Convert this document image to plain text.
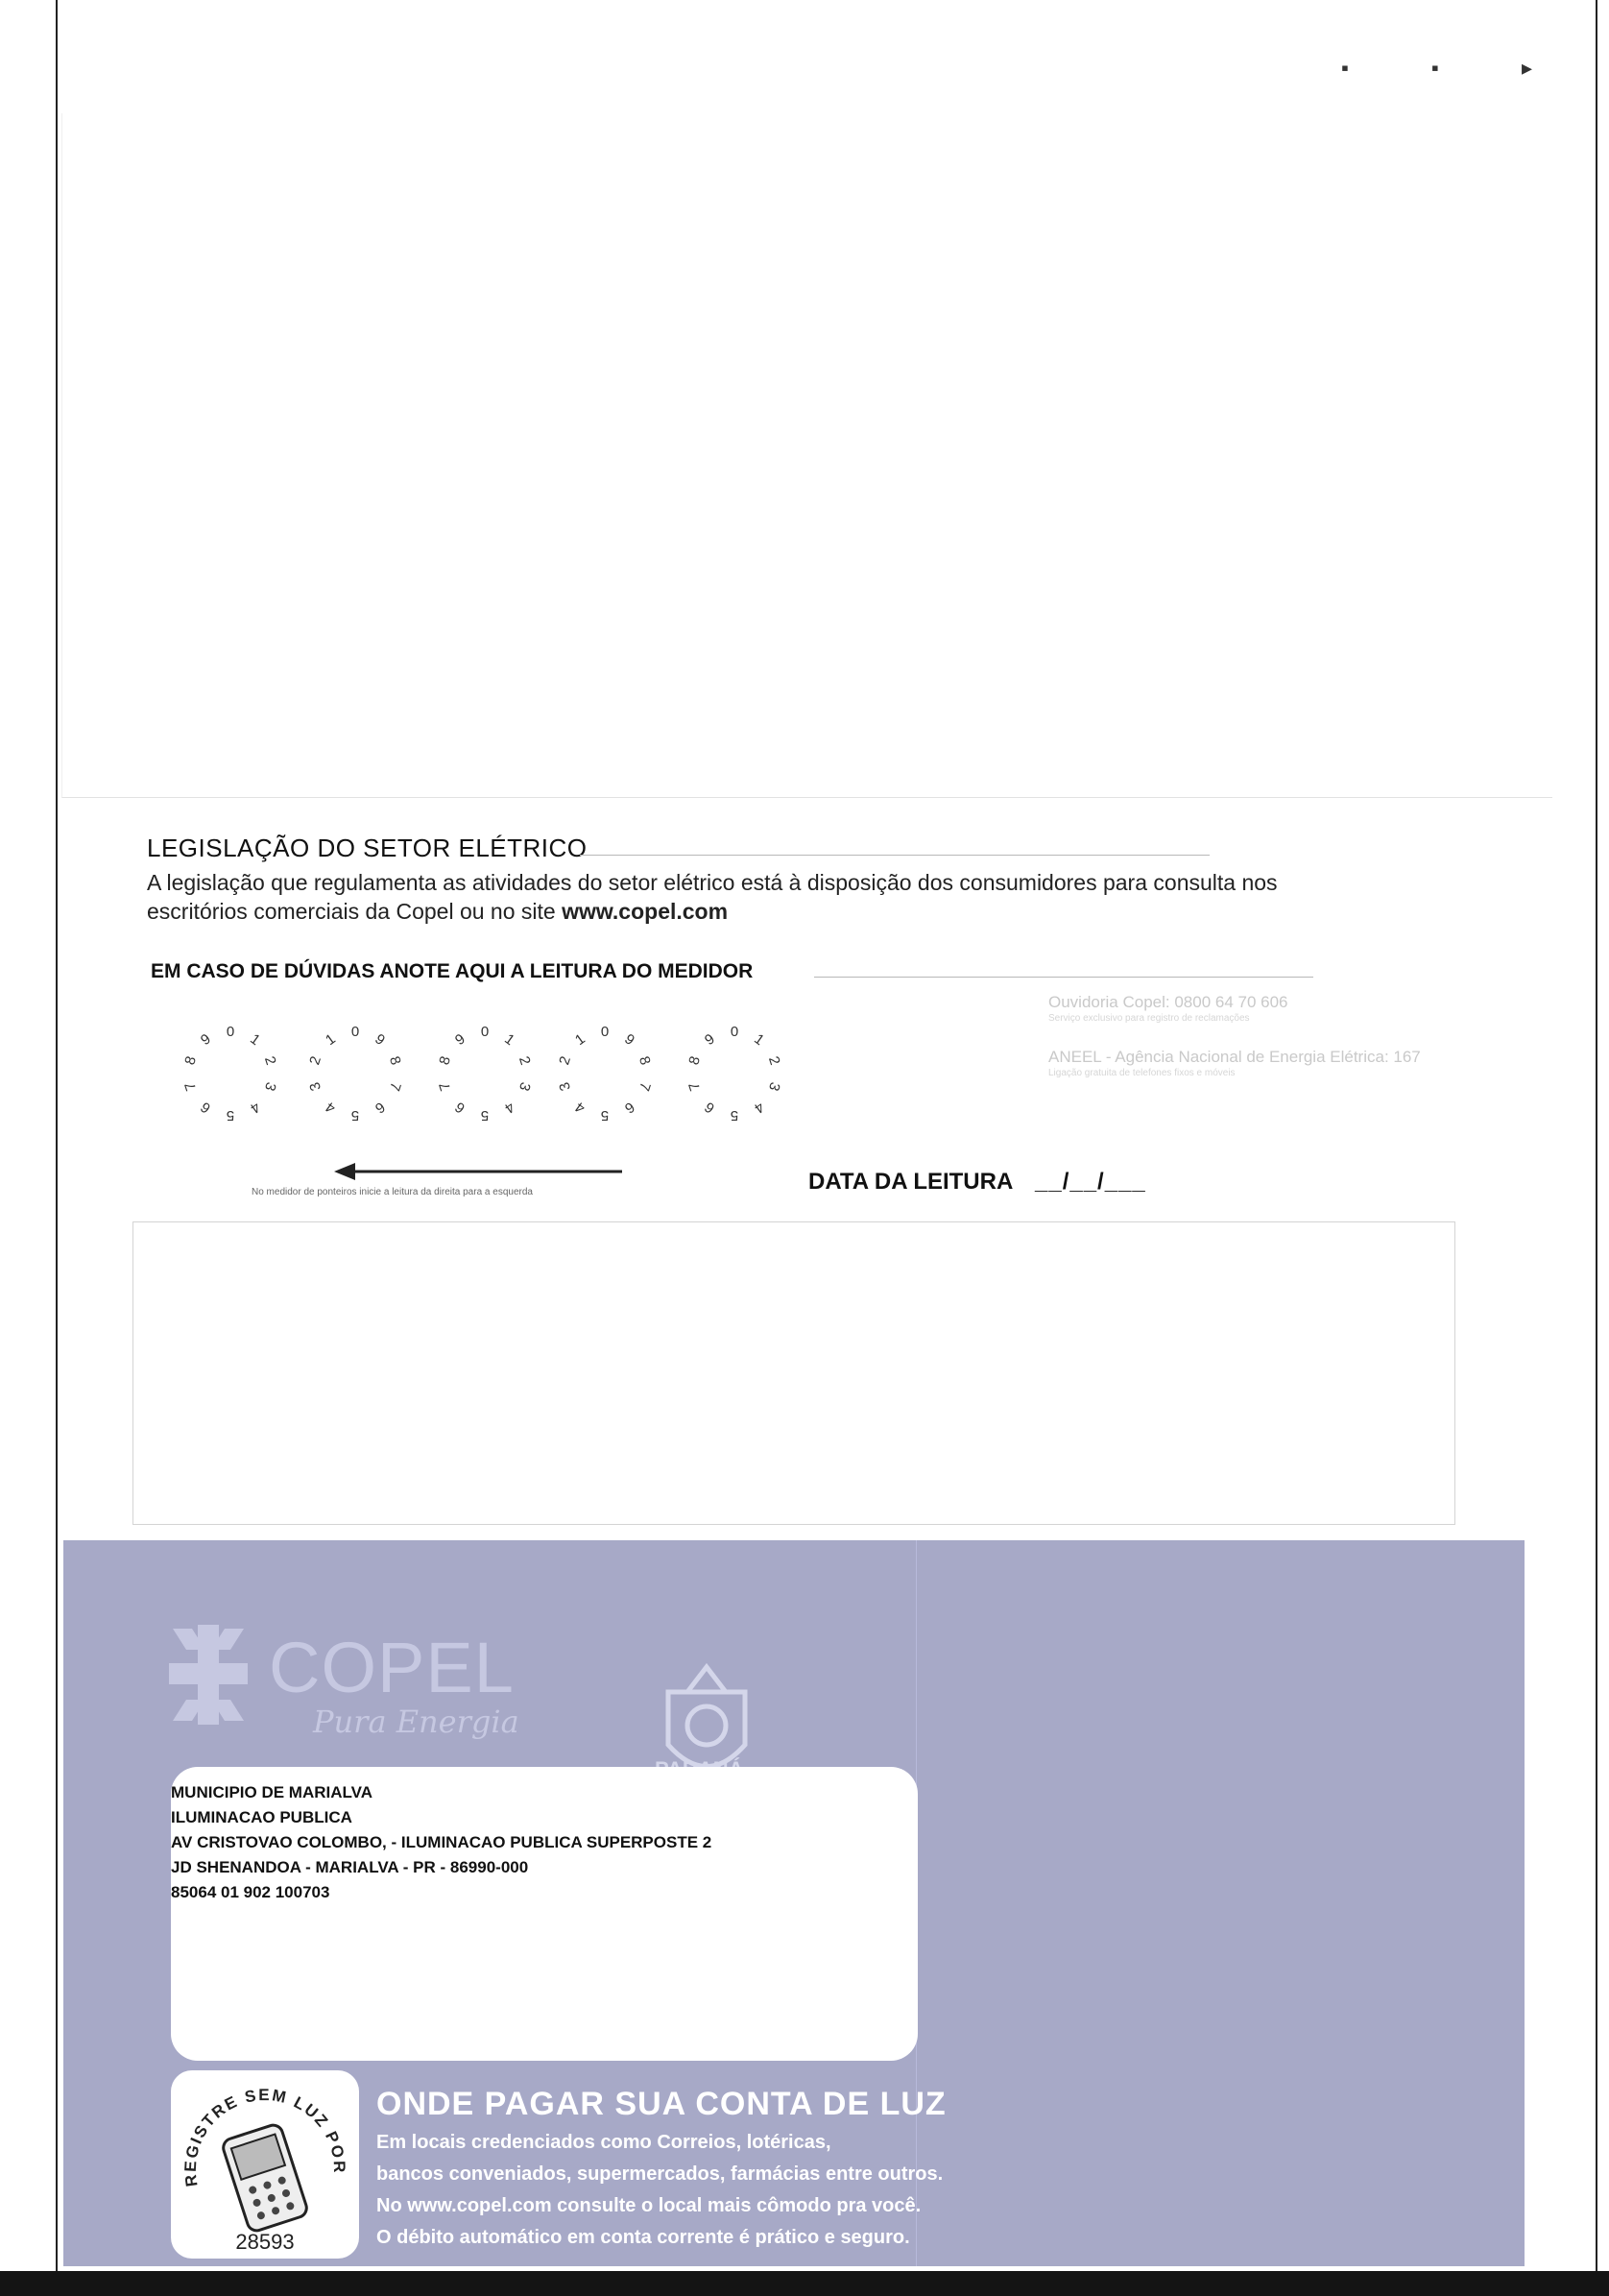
▪ ▪ ▸
LEGISLAÇÃO DO SETOR ELÉTRICO
A legislação que regulamenta as atividades do setor elétrico está à disposição dos consumidores para consulta nos
escritórios comerciais da Copel ou no site www.copel.com
EM CASO DE DÚVIDAS ANOTE AQUI A LEITURA DO MEDIDOR
Ouvidoria Copel: 0800 64 70 606
Serviço exclusivo para registro de reclamações
ANEEL - Agência Nacional de Energia Elétrica: 167
Ligação gratuita de telefones fixos e móveis
0 1
2
3
4
5
6
7
8
9	0
1
2
3
4 5 6
7
8
9	0 1
2
3
4
5
6
7
8
9	0
1
2
3
4 5 6
7
8
9	0 1
2
3
4
5
6
7
8
9
No medidor de ponteiros inicie a leitura da direita para a esquerda	DATA DA LEITURA __/__/___
COPEL
Pura Energia
MUNICIPIO DE MARIALVA
ILUMINACAO PUBLICA
AV CRISTOVAO COLOMBO, - ILUMINACAO PUBLICA SUPERPOSTE 2
JD SHENANDOA - MARIALVA - PR - 86990-000
85064 01 902 100703
REGISTRE SEM LUZ POR
28593
ONDE PAGAR SUA CONTA DE LUZ
Em locais credenciados como Correios, lotéricas,
bancos conveniados, supermercados, farmácias entre outros.
No www.copel.com consulte o local mais cômodo pra você.
O débito automático em conta corrente é prático e seguro.
